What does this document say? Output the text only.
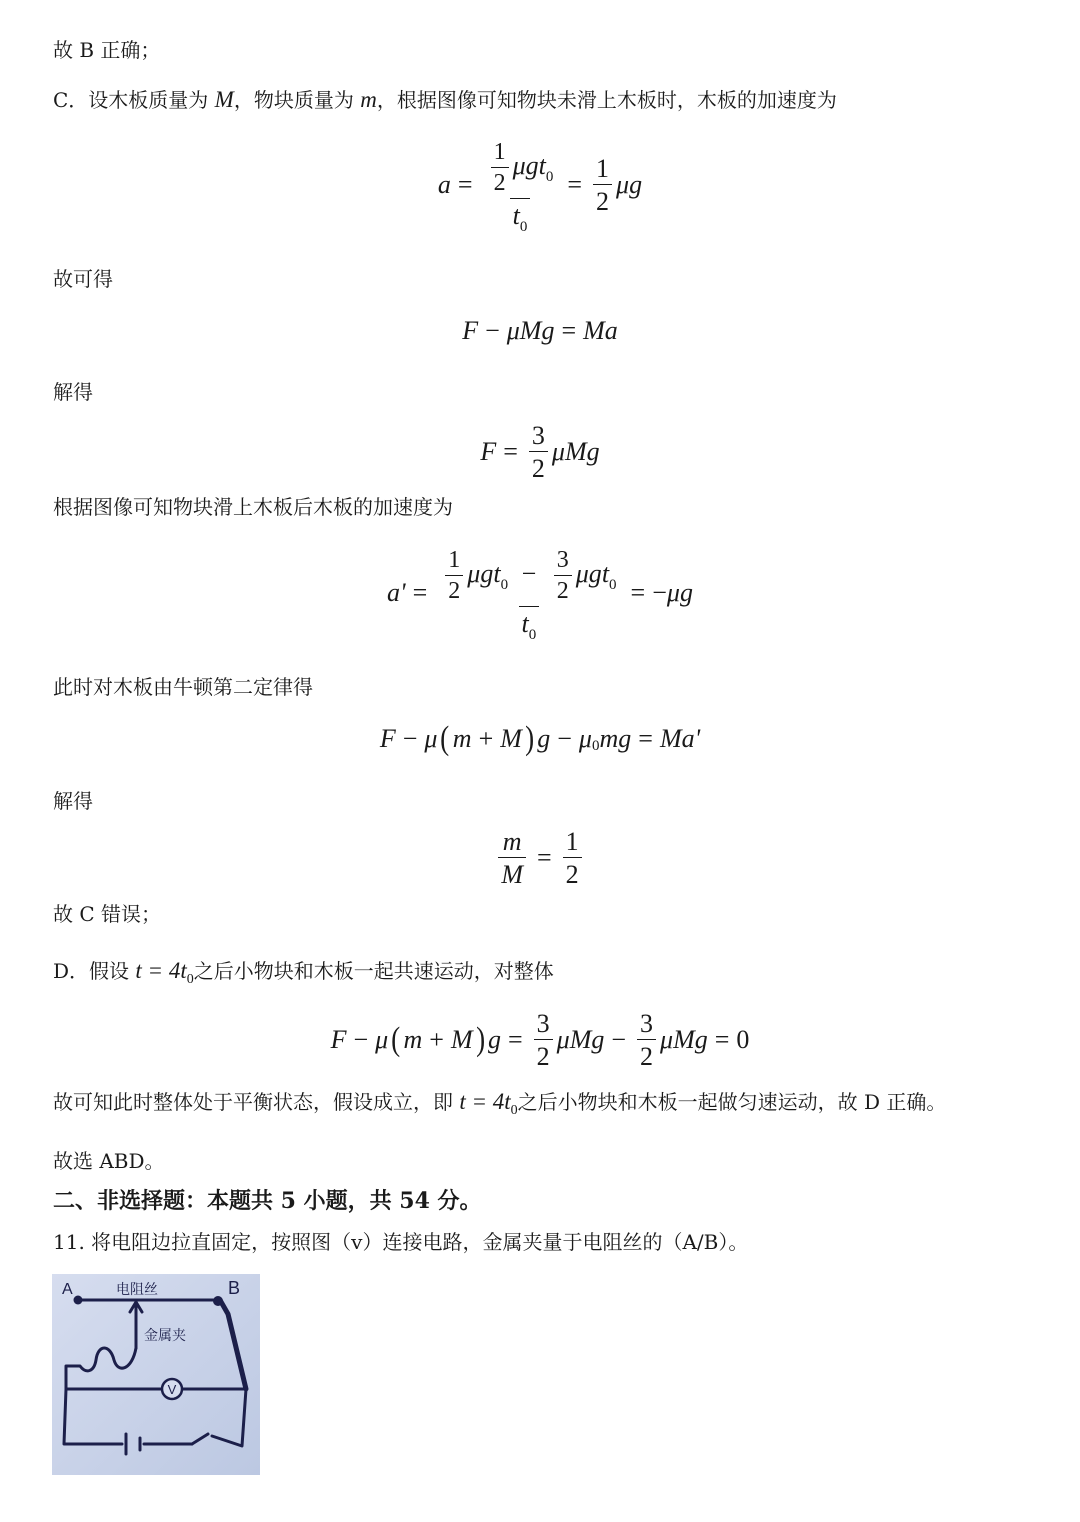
故 B 正确；
C．设木板质量为 M，物块质量为 m，根据图像可知物块未滑上木板时，木板的加速度为
$a = \frac{\frac{1}{2} \mu gt_0}{t_0} = \frac{1}{2}$ μg
故可得
F − μMg = Ma
解得
$F = \frac{3}{2}$ μMg
根据图像可知物块滑上木板后木板的加速度为
$a' = \frac{\frac{1}{2} \mu gt_0 - \frac{3}{2} \mu gt_0}{t_0}$ = − μg
此时对木板由牛顿第二定律得
F − μ ( m + M ) g − μ 0 mg = Ma'
解得
$\frac{m}{M} = \frac{1}{2}$
故 C 错误；
D．假设 $t = 4t_0$之后小物块和木板一起共速运动，对整体
F − μ ( m + M ) $g = \frac{3}{2}$ $\mu Mg - \frac{3}{2}$ μMg = 0
故可知此时整体处于平衡状态，假设成立，即 $t = 4t_0$之后小物块和木板一起做匀速运动，故 D 正确。
故选 ABD。
二、非选择题：本题共 5 小题，共 54 分。
11. 将电阻边拉直固定，按照图（v）连接电路，金属夹量于电阻丝的（A/B）。
V
A	B
电阻丝
金属夹
